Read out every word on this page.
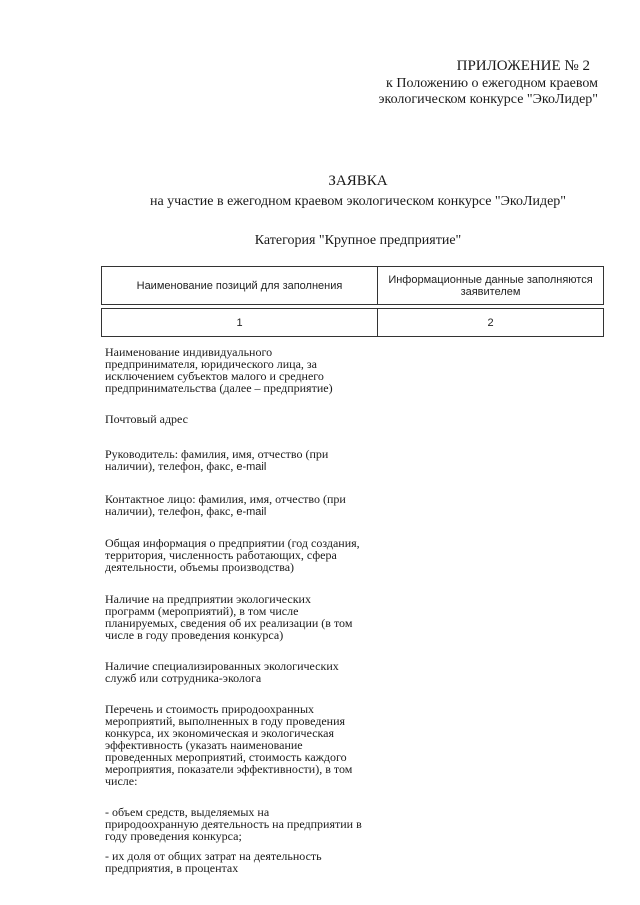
ПРИЛОЖЕНИЕ № 2
к Положению о ежегодном краевом
экологическом конкурсе "ЭкоЛидер"
ЗАЯВКА
на участие в ежегодном краевом экологическом конкурсе "ЭкоЛидер"
Категория "Крупное предприятие"
Наименование позиций для заполнения	Информационные данные заполняются заявителем

1	2
Наименование индивидуального
предпринимателя, юридического лица, за
исключением субъектов малого и среднего
предпринимательства (далее – предприятие)
Почтовый адрес
Руководитель: фамилия, имя, отчество (при
наличии), телефон, факс, e-mail
Контактное лицо: фамилия, имя, отчество (при
наличии), телефон, факс, e-mail
Общая информация о предприятии (год создания,
территория, численность работающих, сфера
деятельности, объемы производства)
Наличие на предприятии экологических
программ (мероприятий), в том числе
планируемых, сведения об их реализации (в том
числе в году проведения конкурса)
Наличие специализированных экологических
служб или сотрудника-эколога
Перечень и стоимость природоохранных
мероприятий, выполненных в году проведения
конкурса, их экономическая и экологическая
эффективность (указать наименование
проведенных мероприятий, стоимость каждого
мероприятия, показатели эффективности), в том
числе:
- объем средств, выделяемых на
природоохранную деятельность на предприятии в
году проведения конкурса;
- их доля от общих затрат на деятельность
предприятия, в процентах
